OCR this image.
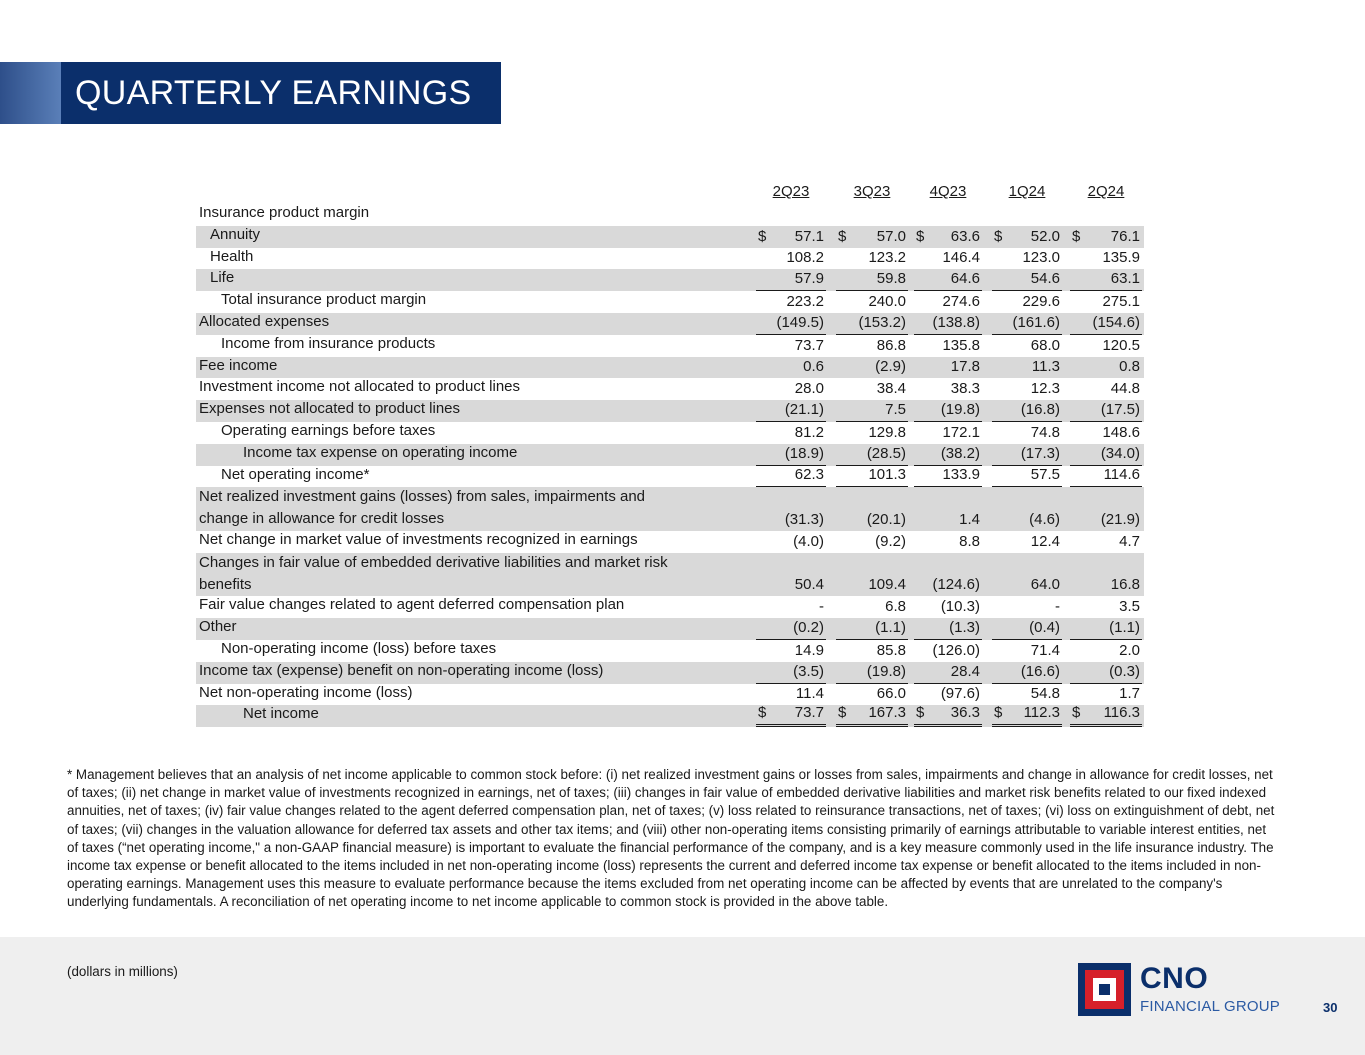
QUARTERLY EARNINGS
2Q23	3Q23	4Q23	1Q24	2Q24
Insurance product margin
Annuity	$ 57.1 $ 57.0 $ 63.6 $ 52.0 $ 76.1
Health	108.2	123.2 146.4	123.0	135.9
Life	57.9	59.8	64.6	54.6	63.1
Total insurance product margin	223.2	240.0 274.6	229.6	275.1
Allocated expenses	(149.5) (153.2) (138.8) (161.6) (154.6)
Income from insurance products	73.7	86.8 135.8	68.0	120.5
Fee income	0.6	(2.9)	17.8	11.3	0.8
Investment income not allocated to product lines	28.0	38.4	38.3	12.3	44.8
Expenses not allocated to product lines	(21.1)	7.5 (19.8)	(16.8)	(17.5)
Operating earnings before taxes	81.2	129.8 172.1	74.8	148.6
Income tax expense on operating income	(18.9)	(28.5) (38.2)	(17.3)	(34.0)
Net operating income*	62.3	101.3 133.9	57.5	114.6
Net realized investment gains (losses) from sales, impairments and
change in allowance for credit losses	(31.3)	(20.1)	1.4	(4.6)	(21.9)
Net change in market value of investments recognized in earnings	(4.0)	(9.2)	8.8	12.4	4.7
Changes in fair value of embedded derivative liabilities and market risk
benefits	50.4	109.4 (124.6)	64.0	16.8
Fair value changes related to agent deferred compensation plan	-	6.8 (10.3)	-	3.5
Other	(0.2)	(1.1)	(1.3)	(0.4)	(1.1)
Non-operating income (loss) before taxes	14.9	85.8 (126.0)	71.4	2.0
Income tax (expense) benefit on non-operating income (loss)	(3.5)	(19.8)	28.4	(16.6)	(0.3)
Net non-operating income (loss)	11.4	66.0 (97.6)	54.8	1.7
Net income	$ 73.7 $ 167.3 $ 36.3 $ 112.3 $ 116.3
* Management believes that an analysis of net income applicable to common stock before: (i) net realized investment gains or losses from sales, impairments and change in allowance for credit losses, net of taxes; (ii) net change in market value of investments recognized in earnings, net of taxes; (iii) changes in fair value of embedded derivative liabilities and market risk benefits related to our fixed indexed annuities, net of taxes; (iv) fair value changes related to the agent deferred compensation plan, net of taxes; (v) loss related to reinsurance transactions, net of taxes; (vi) loss on extinguishment of debt, net of taxes; (vii) changes in the valuation allowance for deferred tax assets and other tax items; and (viii) other non-operating items consisting primarily of earnings attributable to variable interest entities, net of taxes (“net operating income," a non-GAAP financial measure) is important to evaluate the financial performance of the company, and is a key measure commonly used in the life insurance industry. The income tax expense or benefit allocated to the items included in net non-operating income (loss) represents the current and deferred income tax expense or benefit allocated to the items included in non-operating earnings. Management uses this measure to evaluate performance because the items excluded from net operating income can be affected by events that are unrelated to the company's underlying fundamentals. A reconciliation of net operating income to net income applicable to common stock is provided in the above table.
(dollars in millions)	CNO
FINANCIAL GROUP	30
